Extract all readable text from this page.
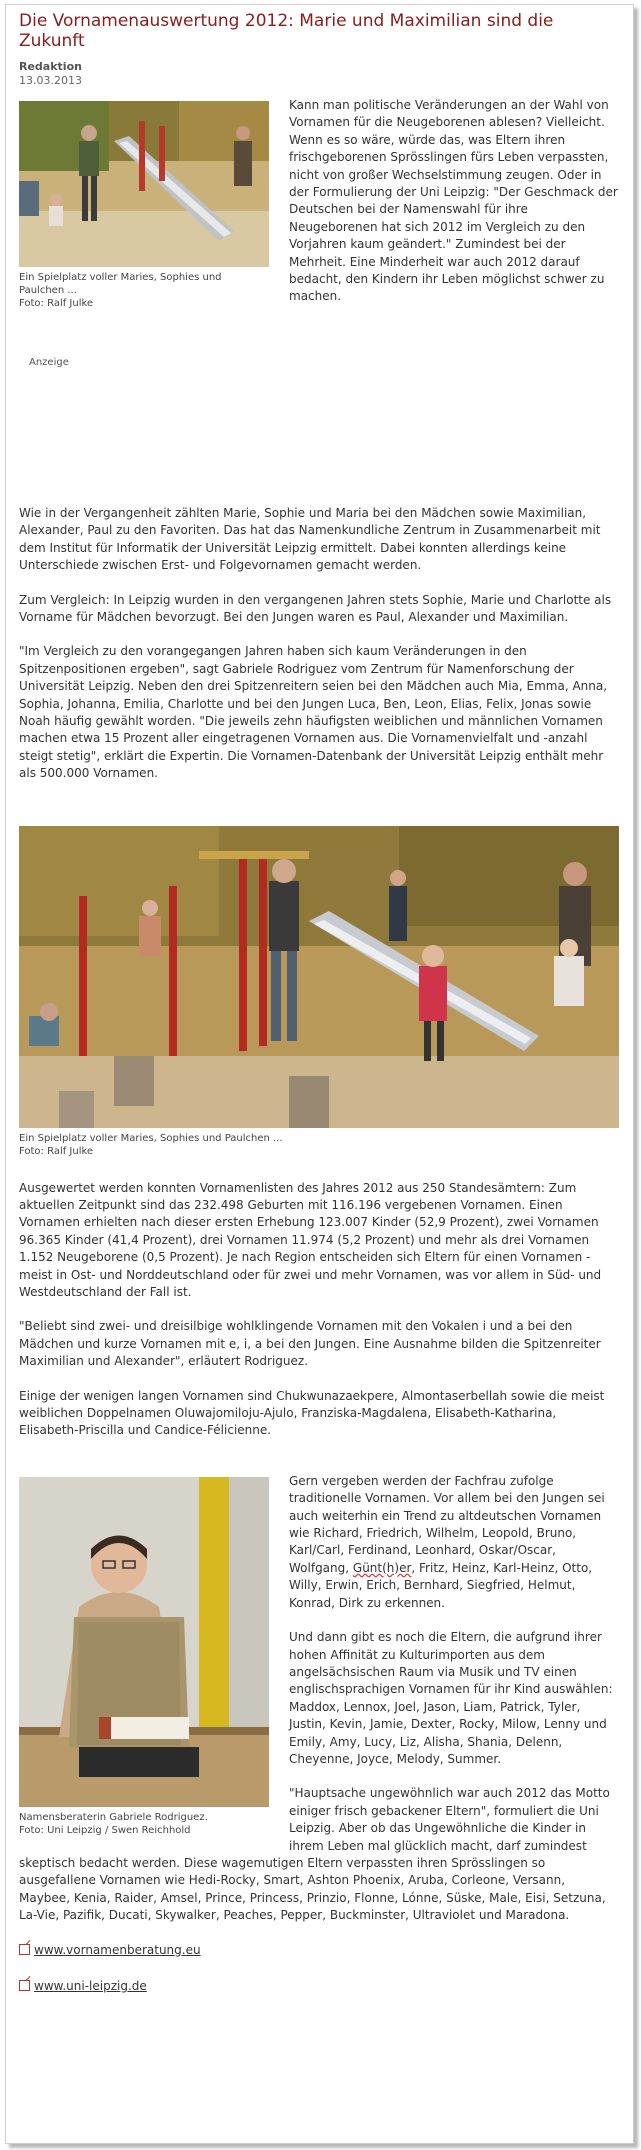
Die Vornamenauswertung 2012: Marie und Maximilian sind die Zukunft
Redaktion
13.03.2013
Ein Spielplatz voller Maries, Sophies und Paulchen ...
Foto: Ralf Julke

Kann man politische Veränderungen an der Wahl von Vornamen für die Neugeborenen ablesen? Vielleicht. Wenn es so wäre, würde das, was Eltern ihren frischgeborenen Sprösslingen fürs Leben verpassten, nicht von großer Wechselstimmung zeugen. Oder in der Formulierung der Uni Leipzig: "Der Geschmack der Deutschen bei der Namenswahl für ihre Neugeborenen hat sich 2012 im Vergleich zu den Vorjahren kaum geändert." Zumindest bei der Mehrheit. Eine Minderheit war auch 2012 darauf bedacht, den Kindern ihr Leben möglichst schwer zu machen.

Anzeige

Wie in der Vergangenheit zählten Marie, Sophie und Maria bei den Mädchen sowie Maximilian, Alexander, Paul zu den Favoriten. Das hat das Namenkundliche Zentrum in Zusammenarbeit mit dem Institut für Informatik der Universität Leipzig ermittelt. Dabei konnten allerdings keine Unterschiede zwischen Erst- und Folgevornamen gemacht werden.

Zum Vergleich: In Leipzig wurden in den vergangenen Jahren stets Sophie, Marie und Charlotte als Vorname für Mädchen bevorzugt. Bei den Jungen waren es Paul, Alexander und Maximilian.

"Im Vergleich zu den vorangegangen Jahren haben sich kaum Veränderungen in den Spitzenpositionen ergeben", sagt Gabriele Rodriguez vom Zentrum für Namenforschung der Universität Leipzig. Neben den drei Spitzenreitern seien bei den Mädchen auch Mia, Emma, Anna, Sophia, Johanna, Emilia, Charlotte und bei den Jungen Luca, Ben, Leon, Elias, Felix, Jonas sowie Noah häufig gewählt worden. "Die jeweils zehn häufigsten weiblichen und männlichen Vornamen machen etwa 15 Prozent aller eingetragenen Vornamen aus. Die Vornamenvielfalt und -anzahl steigt stetig", erklärt die Expertin. Die Vornamen-Datenbank der Universität Leipzig enthält mehr als 500.000 Vornamen.

Ein Spielplatz voller Maries, Sophies und Paulchen ...
Foto: Ralf Julke

Ausgewertet werden konnten Vornamenlisten des Jahres 2012 aus 250 Standesämtern: Zum aktuellen Zeitpunkt sind das 232.498 Geburten mit 116.196 vergebenen Vornamen. Einen Vornamen erhielten nach dieser ersten Erhebung 123.007 Kinder (52,9 Prozent), zwei Vornamen 96.365 Kinder (41,4 Prozent), drei Vornamen 11.974 (5,2 Prozent) und mehr als drei Vornamen 1.152 Neugeborene (0,5 Prozent). Je nach Region entscheiden sich Eltern für einen Vornamen - meist in Ost- und Norddeutschland oder für zwei und mehr Vornamen, was vor allem in Süd- und Westdeutschland der Fall ist.

"Beliebt sind zwei- und dreisilbige wohlklingende Vornamen mit den Vokalen i und a bei den Mädchen und kurze Vornamen mit e, i, a bei den Jungen. Eine Ausnahme bilden die Spitzenreiter Maximilian und Alexander", erläutert Rodriguez.

Einige der wenigen langen Vornamen sind Chukwunazaekpere, Almontaserbellah sowie die meist weiblichen Doppelnamen Oluwajomiloju-Ajulo, Franziska-Magdalena, Elisabeth-Katharina, Elisabeth-Priscilla und Candice-Félicienne.

Namensberaterin Gabriele Rodriguez.
Foto: Uni Leipzig / Swen Reichhold

Gern vergeben werden der Fachfrau zufolge traditionelle Vornamen. Vor allem bei den Jungen sei auch weiterhin ein Trend zu altdeutschen Vornamen wie Richard, Friedrich, Wilhelm, Leopold, Bruno, Karl/Carl, Ferdinand, Leonhard, Oskar/Oscar, Wolfgang, Günt(h)er, Fritz, Heinz, Karl-Heinz, Otto, Willy, Erwin, Erich, Bernhard, Siegfried, Helmut, Konrad, Dirk zu erkennen.

Und dann gibt es noch die Eltern, die aufgrund ihrer hohen Affinität zu Kulturimporten aus dem angelsächsischen Raum via Musik und TV einen englischsprachigen Vornamen für ihr Kind auswählen: Maddox, Lennox, Joel, Jason, Liam, Patrick, Tyler, Justin, Kevin, Jamie, Dexter, Rocky, Milow, Lenny und Emily, Amy, Lucy, Liz, Alisha, Shania, Delenn, Cheyenne, Joyce, Melody, Summer.

"Hauptsache ungewöhnlich war auch 2012 das Motto einiger frisch gebackener Eltern", formuliert die Uni Leipzig. Aber ob das Ungewöhnliche die Kinder in ihrem Leben mal glücklich macht, darf zumindest skeptisch bedacht werden. Diese wagemutigen Eltern verpassten ihren Sprösslingen so ausgefallene Vornamen wie Hedi-Rocky, Smart, Ashton Phoenix, Aruba, Corleone, Versann, Maybee, Kenia, Raider, Amsel, Prince, Princess, Prinzio, Flonne, Lónne, Süske, Male, Eisi, Setzuna, La-Vie, Pazifik, Ducati, Skywalker, Peaches, Pepper, Buckminster, Ultraviolet und Maradona.

www.vornamenberatung.eu
www.uni-leipzig.de
